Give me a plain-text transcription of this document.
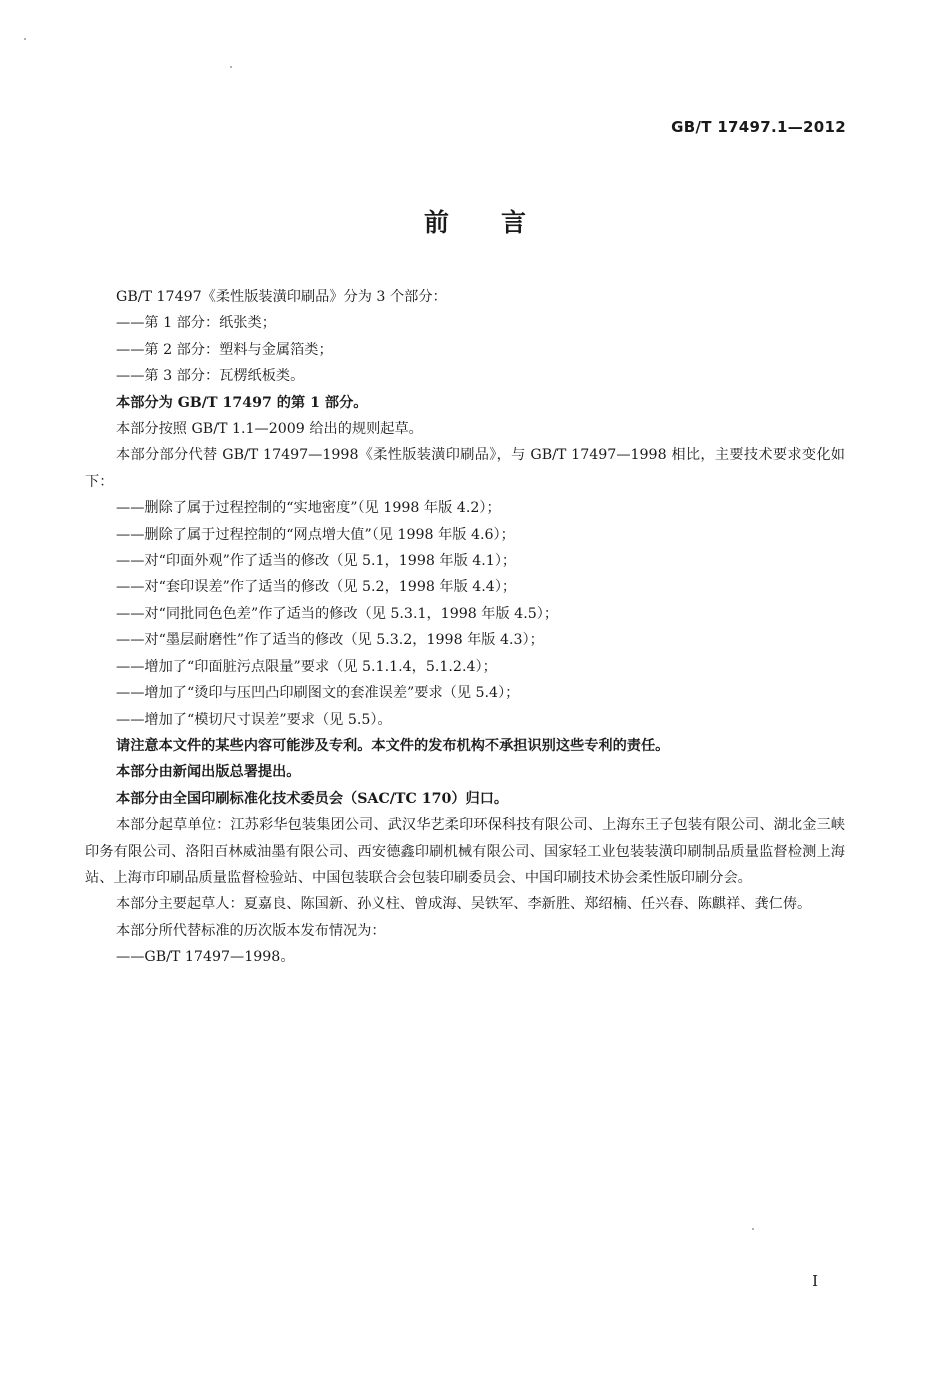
GB/T 17497.1—2012
前言

GB/T 17497《柔性版装潢印刷品》分为 3 个部分：

——第 1 部分：纸张类；

——第 2 部分：塑料与金属箔类；

——第 3 部分：瓦楞纸板类。

本部分为 GB/T 17497 的第 1 部分。

本部分按照 GB/T 1.1—2009 给出的规则起草。

本部分部分代替 GB/T 17497—1998《柔性版装潢印刷品》，与 GB/T 17497—1998 相比，主要技术要求变化如下：

——删除了属于过程控制的“实地密度”（见 1998 年版 4.2）；

——删除了属于过程控制的“网点增大值”（见 1998 年版 4.6）；

——对“印面外观”作了适当的修改（见 5.1，1998 年版 4.1）；

——对“套印误差”作了适当的修改（见 5.2，1998 年版 4.4）；

——对“同批同色色差”作了适当的修改（见 5.3.1，1998 年版 4.5）；

——对“墨层耐磨性”作了适当的修改（见 5.3.2，1998 年版 4.3）；

——增加了“印面脏污点限量”要求（见 5.1.1.4，5.1.2.4）；

——增加了“烫印与压凹凸印刷图文的套准误差”要求（见 5.4）；

——增加了“模切尺寸误差”要求（见 5.5）。

请注意本文件的某些内容可能涉及专利。本文件的发布机构不承担识别这些专利的责任。

本部分由新闻出版总署提出。

本部分由全国印刷标准化技术委员会（SAC/TC 170）归口。

本部分起草单位：江苏彩华包装集团公司、武汉华艺柔印环保科技有限公司、上海东王子包装有限公司、湖北金三峡印务有限公司、洛阳百林威油墨有限公司、西安德鑫印刷机械有限公司、国家轻工业包装装潢印刷制品质量监督检测上海站、上海市印刷品质量监督检验站、中国包装联合会包装印刷委员会、中国印刷技术协会柔性版印刷分会。

本部分主要起草人：夏嘉良、陈国新、孙义柱、曾成海、吴铁军、李新胜、郑绍楠、任兴春、陈麒祥、龚仁俦。

本部分所代替标准的历次版本发布情况为：

——GB/T 17497—1998。

I
